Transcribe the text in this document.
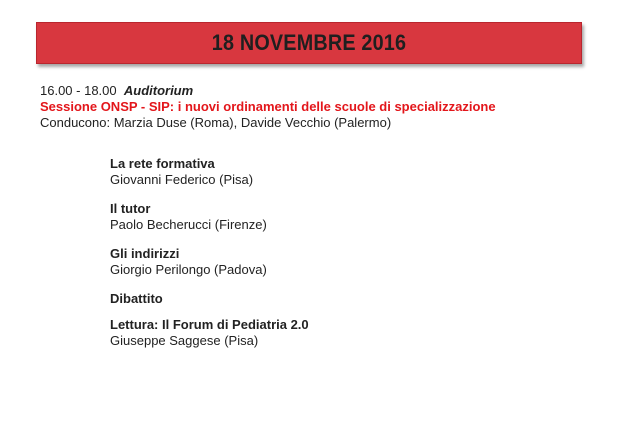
18 NOVEMBRE 2016
16.00 - 18.00 Auditorium
Sessione ONSP - SIP: i nuovi ordinamenti delle scuole di specializzazione
Conducono: Marzia Duse (Roma), Davide Vecchio (Palermo)
La rete formativa
Giovanni Federico (Pisa)
Il tutor
Paolo Becherucci (Firenze)
Gli indirizzi
Giorgio Perilongo (Padova)
Dibattito
Lettura: Il Forum di Pediatria 2.0
Giuseppe Saggese (Pisa)
